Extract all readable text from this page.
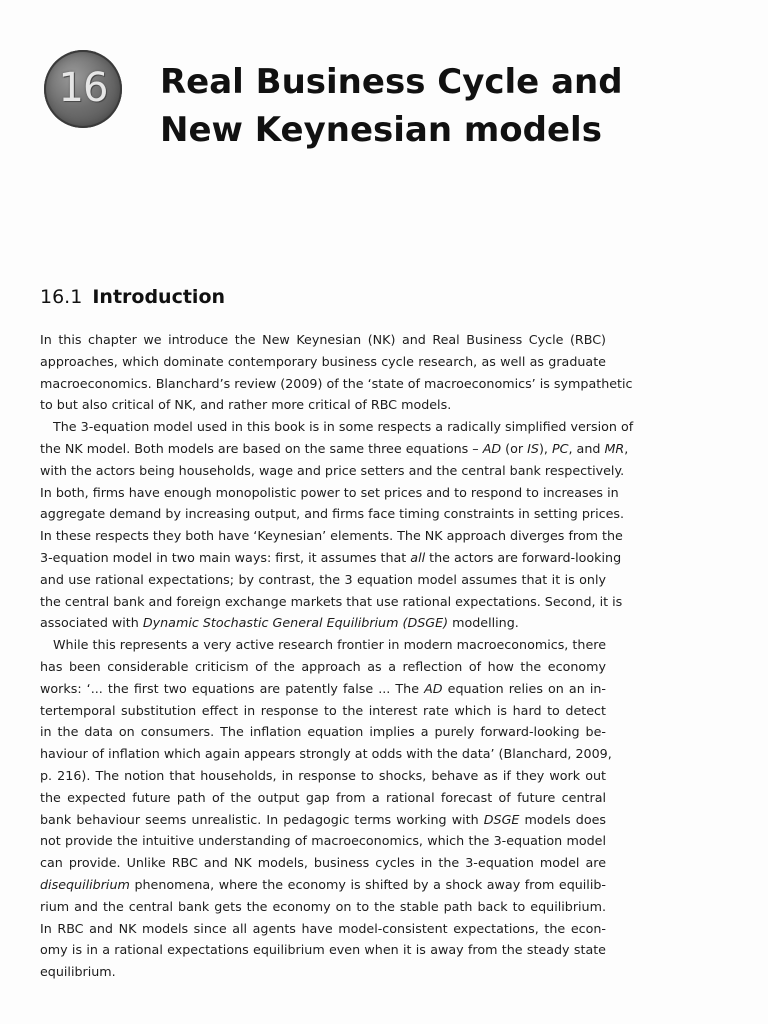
16 Real Business Cycle and
New Keynesian models
16.1 Introduction
In this chapter we introduce the New Keynesian (NK) and Real Business Cycle (RBC)
approaches, which dominate contemporary business cycle research, as well as graduate
macroeconomics. Blanchard’s review (2009) of the ‘state of macroeconomics’ is sympathetic
to but also critical of NK, and rather more critical of RBC models.
The 3-equation model used in this book is in some respects a radically simplified version of
the NK model. Both models are based on the same three equations – AD (or IS), PC, and MR,
with the actors being households, wage and price setters and the central bank respectively.
In both, firms have enough monopolistic power to set prices and to respond to increases in
aggregate demand by increasing output, and firms face timing constraints in setting prices.
In these respects they both have ‘Keynesian’ elements. The NK approach diverges from the
3-equation model in two main ways: first, it assumes that all the actors are forward-looking
and use rational expectations; by contrast, the 3 equation model assumes that it is only
the central bank and foreign exchange markets that use rational expectations. Second, it is
associated with Dynamic Stochastic General Equilibrium (DSGE) modelling.
While this represents a very active research frontier in modern macroeconomics, there
has been considerable criticism of the approach as a reflection of how the economy
works: ‘... the first two equations are patently false ... The AD equation relies on an in-
tertemporal substitution effect in response to the interest rate which is hard to detect
in the data on consumers. The inflation equation implies a purely forward-looking be-
haviour of inflation which again appears strongly at odds with the data’ (Blanchard, 2009,
p. 216). The notion that households, in response to shocks, behave as if they work out
the expected future path of the output gap from a rational forecast of future central
bank behaviour seems unrealistic. In pedagogic terms working with DSGE models does
not provide the intuitive understanding of macroeconomics, which the 3-equation model
can provide. Unlike RBC and NK models, business cycles in the 3-equation model are
disequilibrium phenomena, where the economy is shifted by a shock away from equilib-
rium and the central bank gets the economy on to the stable path back to equilibrium.
In RBC and NK models since all agents have model-consistent expectations, the econ-
omy is in a rational expectations equilibrium even when it is away from the steady state
equilibrium.
